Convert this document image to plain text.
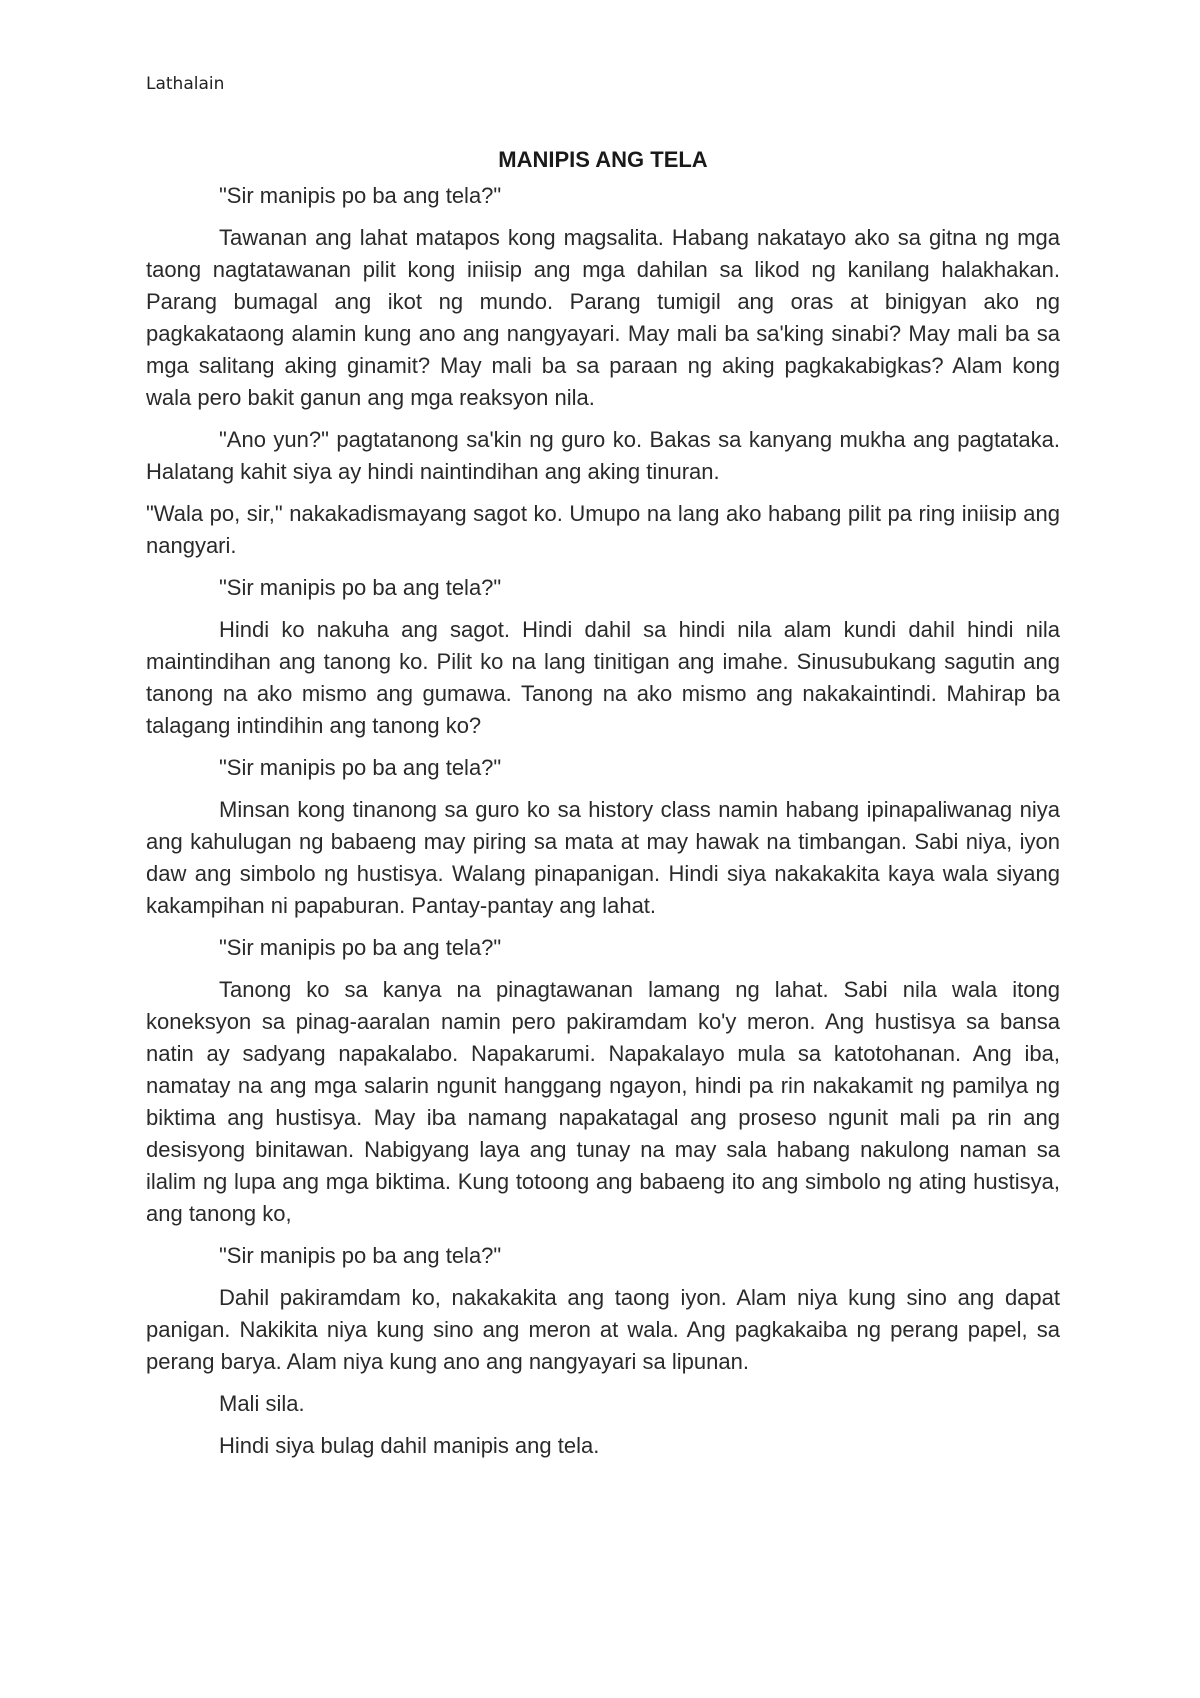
Lathalain
MANIPIS ANG TELA

"Sir manipis po ba ang tela?"

Tawanan ang lahat matapos kong magsalita. Habang nakatayo ako sa gitna ng mga taong nagtatawanan pilit kong iniisip ang mga dahilan sa likod ng kanilang halakhakan. Parang bumagal ang ikot ng mundo. Parang tumigil ang oras at binigyan ako ng pagkakataong alamin kung ano ang nangyayari. May mali ba sa'king sinabi? May mali ba sa mga salitang aking ginamit? May mali ba sa paraan ng aking pagkakabigkas? Alam kong wala pero bakit ganun ang mga reaksyon nila.

"Ano yun?" pagtatanong sa'kin ng guro ko. Bakas sa kanyang mukha ang pagtataka. Halatang kahit siya ay hindi naintindihan ang aking tinuran.

"Wala po, sir," nakakadismayang sagot ko. Umupo na lang ako habang pilit pa ring iniisip ang nangyari.

"Sir manipis po ba ang tela?"

Hindi ko nakuha ang sagot. Hindi dahil sa hindi nila alam kundi dahil hindi nila maintindihan ang tanong ko. Pilit ko na lang tinitigan ang imahe. Sinusubukang sagutin ang tanong na ako mismo ang gumawa. Tanong na ako mismo ang nakakaintindi. Mahirap ba talagang intindihin ang tanong ko?

"Sir manipis po ba ang tela?"

Minsan kong tinanong sa guro ko sa history class namin habang ipinapaliwanag niya ang kahulugan ng babaeng may piring sa mata at may hawak na timbangan. Sabi niya, iyon daw ang simbolo ng hustisya. Walang pinapanigan. Hindi siya nakakakita kaya wala siyang kakampihan ni papaburan. Pantay-pantay ang lahat.

"Sir manipis po ba ang tela?"

Tanong ko sa kanya na pinagtawanan lamang ng lahat. Sabi nila wala itong koneksyon sa pinag-aaralan namin pero pakiramdam ko'y meron. Ang hustisya sa bansa natin ay sadyang napakalabo. Napakarumi. Napakalayo mula sa katotohanan. Ang iba, namatay na ang mga salarin ngunit hanggang ngayon, hindi pa rin nakakamit ng pamilya ng biktima ang hustisya. May iba namang napakatagal ang proseso ngunit mali pa rin ang desisyong binitawan. Nabigyang laya ang tunay na may sala habang nakulong naman sa ilalim ng lupa ang mga biktima. Kung totoong ang babaeng ito ang simbolo ng ating hustisya, ang tanong ko,

"Sir manipis po ba ang tela?"

Dahil pakiramdam ko, nakakakita ang taong iyon. Alam niya kung sino ang dapat panigan. Nakikita niya kung sino ang meron at wala. Ang pagkakaiba ng perang papel, sa perang barya. Alam niya kung ano ang nangyayari sa lipunan.

Mali sila.

Hindi siya bulag dahil manipis ang tela.
